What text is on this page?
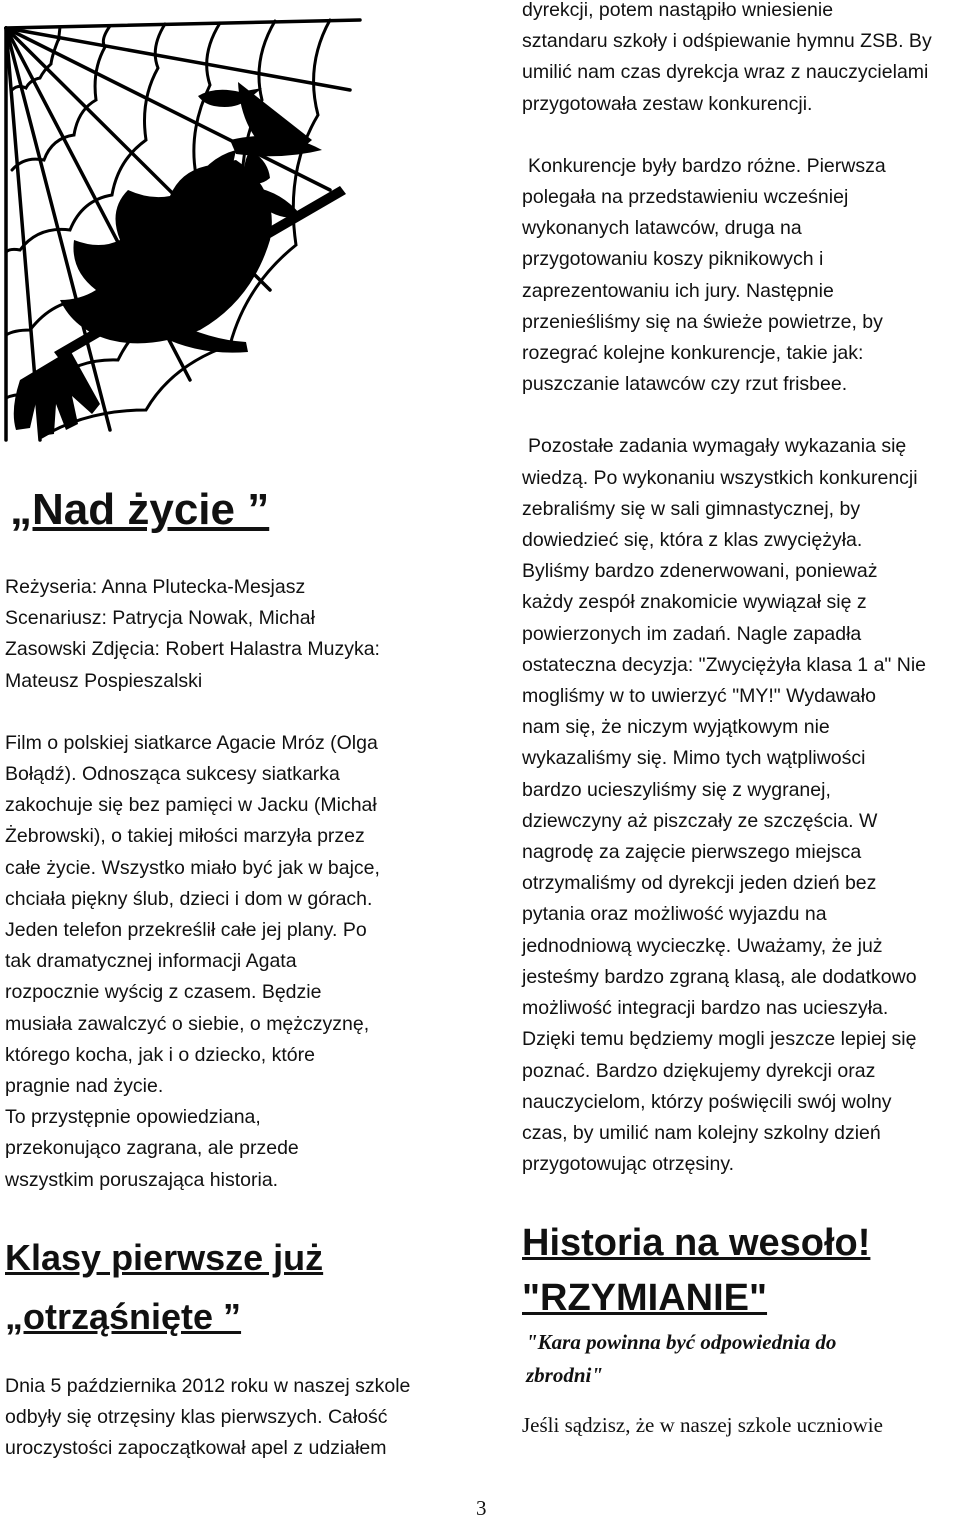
„Nad życie ”

Reżyseria: Anna Plutecka-Mesjasz

Scenariusz: Patrycja Nowak, Michał

Zasowski Zdjęcia: Robert Halastra Muzyka:

Mateusz Pospieszalski

Film o polskiej siatkarce Agacie Mróz (Olga

Bołądź). Odnosząca sukcesy siatkarka

zakochuje się bez pamięci w Jacku (Michał

Żebrowski), o takiej miłości marzyła przez

całe życie. Wszystko miało być jak w bajce,

chciała piękny ślub, dzieci i dom w górach.

Jeden telefon przekreślił całe jej plany. Po

tak dramatycznej informacji Agata

rozpocznie wyścig z czasem. Będzie

musiała zawalczyć o siebie, o mężczyznę,

którego kocha, jak i o dziecko, które

pragnie nad życie.

To przystępnie opowiedziana,

przekonująco zagrana, ale przede

wszystkim poruszająca historia.

Klasy pierwsze już
„otrząśnięte ”

Dnia 5 października 2012 roku w naszej szkole

odbyły się otrzęsiny klas pierwszych. Całość

uroczystości zapoczątkował apel z udziałem

dyrekcji, potem nastąpiło wniesienie

sztandaru szkoły i odśpiewanie hymnu ZSB. By

umilić nam czas dyrekcja wraz z nauczycielami

przygotowała zestaw konkurencji.

Konkurencje były bardzo różne. Pierwsza

polegała na przedstawieniu wcześniej

wykonanych latawców, druga na

przygotowaniu koszy piknikowych i

zaprezentowaniu ich jury. Następnie

przenieśliśmy się na świeże powietrze, by

rozegrać kolejne konkurencje, takie jak:

puszczanie latawców czy rzut frisbee.

Pozostałe zadania wymagały wykazania się

wiedzą. Po wykonaniu wszystkich konkurencji

zebraliśmy się w sali gimnastycznej, by

dowiedzieć się, która z klas zwyciężyła.

Byliśmy bardzo zdenerwowani, ponieważ

każdy zespół znakomicie wywiązał się z

powierzonych im zadań. Nagle zapadła

ostateczna decyzja: "Zwyciężyła klasa 1 a" Nie

mogliśmy w to uwierzyć "MY!" Wydawało

nam się, że niczym wyjątkowym nie

wykazaliśmy się. Mimo tych wątpliwości

bardzo ucieszyliśmy się z wygranej,

dziewczyny aż piszczały ze szczęścia. W

nagrodę za zajęcie pierwszego miejsca

otrzymaliśmy od dyrekcji jeden dzień bez

pytania oraz możliwość wyjazdu na

jednodniową wycieczkę. Uważamy, że już

jesteśmy bardzo zgraną klasą, ale dodatkowo

możliwość integracji bardzo nas ucieszyła.

Dzięki temu będziemy mogli jeszcze lepiej się

poznać. Bardzo dziękujemy dyrekcji oraz

nauczycielom, którzy poświęcili swój wolny

czas, by umilić nam kolejny szkolny dzień

przygotowując otrzęsiny.

Historia na wesoło!
"RZYMIANIE"

"Kara powinna być odpowiednia do

zbrodni"

Jeśli sądzisz, że w naszej szkole uczniowie

3
